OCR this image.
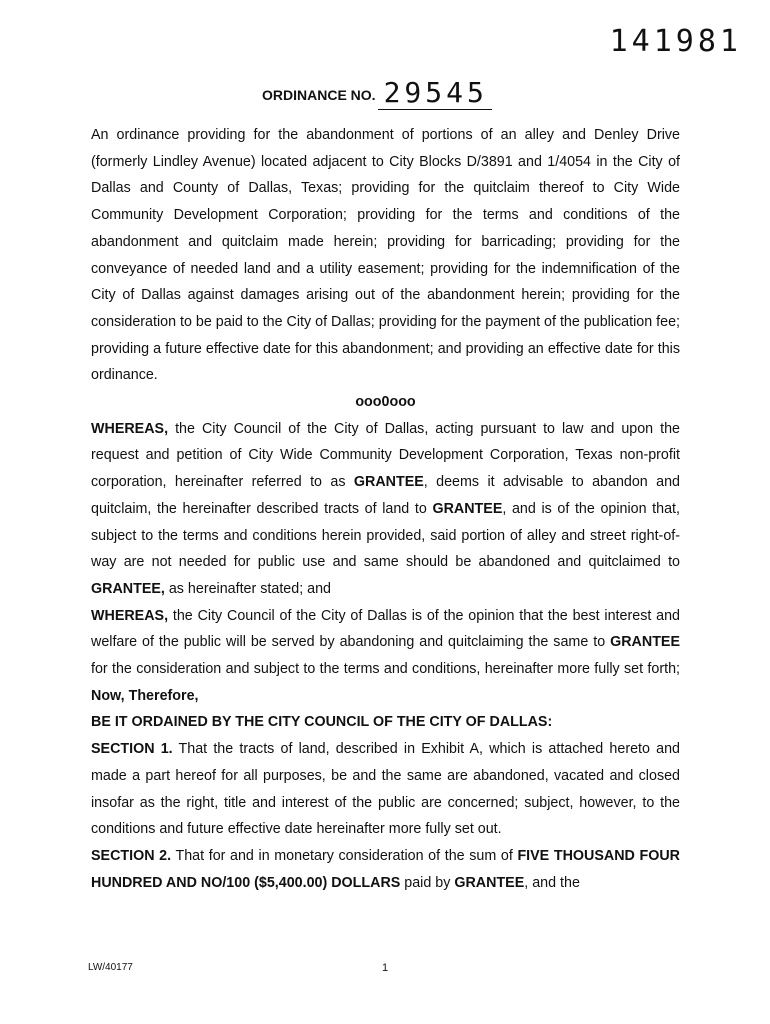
141981
ORDINANCE NO. 29545

An ordinance providing for the abandonment of portions of an alley and Denley Drive (formerly Lindley Avenue) located adjacent to City Blocks D/3891 and 1/4054 in the City of Dallas and County of Dallas, Texas; providing for the quitclaim thereof to City Wide Community Development Corporation; providing for the terms and conditions of the abandonment and quitclaim made herein; providing for barricading; providing for the conveyance of needed land and a utility easement; providing for the indemnification of the City of Dallas against damages arising out of the abandonment herein; providing for the consideration to be paid to the City of Dallas; providing for the payment of the publication fee; providing a future effective date for this abandonment; and providing an effective date for this ordinance.

ooo0ooo

WHEREAS, the City Council of the City of Dallas, acting pursuant to law and upon the request and petition of City Wide Community Development Corporation, Texas non-profit corporation, hereinafter referred to as GRANTEE, deems it advisable to abandon and quitclaim, the hereinafter described tracts of land to GRANTEE, and is of the opinion that, subject to the terms and conditions herein provided, said portion of alley and street right-of-way are not needed for public use and same should be abandoned and quitclaimed to GRANTEE, as hereinafter stated; and

WHEREAS, the City Council of the City of Dallas is of the opinion that the best interest and welfare of the public will be served by abandoning and quitclaiming the same to GRANTEE for the consideration and subject to the terms and conditions, hereinafter more fully set forth; Now, Therefore,

BE IT ORDAINED BY THE CITY COUNCIL OF THE CITY OF DALLAS:

SECTION 1. That the tracts of land, described in Exhibit A, which is attached hereto and made a part hereof for all purposes, be and the same are abandoned, vacated and closed insofar as the right, title and interest of the public are concerned; subject, however, to the conditions and future effective date hereinafter more fully set out.

SECTION 2. That for and in monetary consideration of the sum of FIVE THOUSAND FOUR HUNDRED AND NO/100 ($5,400.00) DOLLARS paid by GRANTEE, and the

LW/40177	1
